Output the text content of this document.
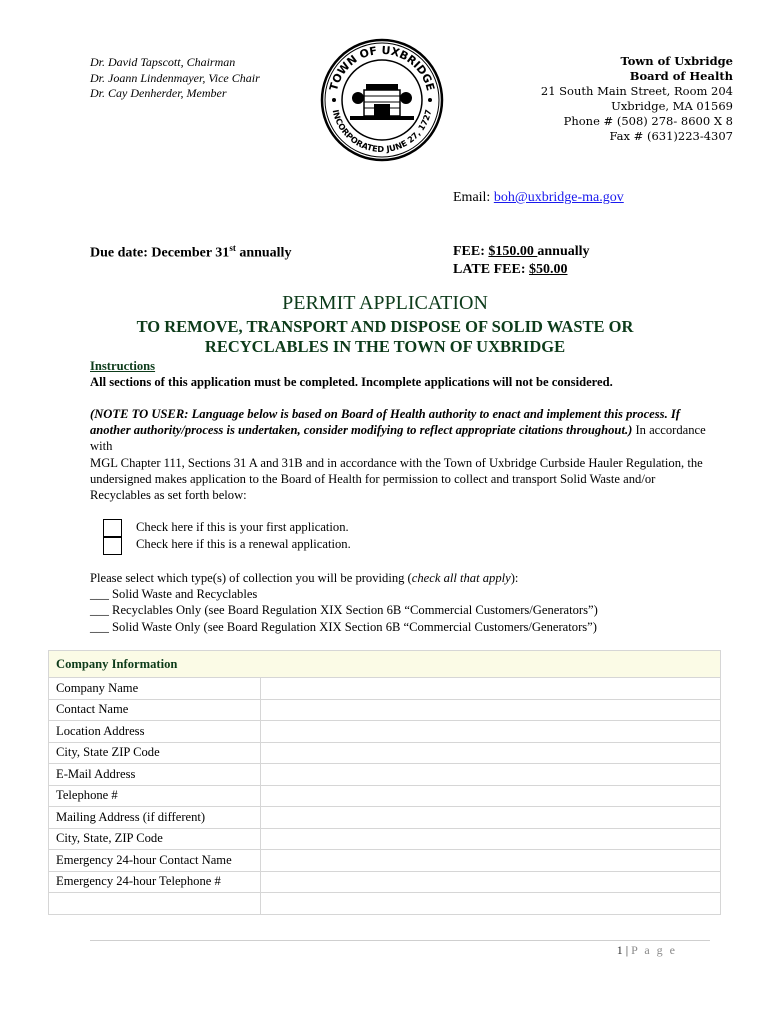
Dr. David Tapscott, Chairman
Dr. Joann Lindenmayer, Vice Chair
Dr. Cay Denherder, Member	TOWN OF UXBRIDGE
INCORPORATED JUNE 27, 1727
Town of Uxbridge
Board of Health
21 South Main Street, Room 204
Uxbridge, MA 01569
Phone # (508) 278- 8600 X 8
Fax # (631)223-4307
Email: boh@uxbridge-ma.gov
Due date: December 31st annually	FEE: $150.00 annually
LATE FEE: $50.00
PERMIT APPLICATION
TO REMOVE, TRANSPORT AND DISPOSE OF SOLID WASTE OR
RECYCLABLES IN THE TOWN OF UXBRIDGE
Instructions
All sections of this application must be completed. Incomplete applications will not be considered.
(NOTE TO USER: Language below is based on Board of Health authority to enact and implement this process. If another authority/process is undertaken, consider modifying to reflect appropriate citations throughout.) In accordance with
MGL Chapter 111, Sections 31 A and 31B and in accordance with the Town of Uxbridge Curbside Hauler Regulation, the undersigned makes application to the Board of Health for permission to collect and transport Solid Waste and/or Recyclables as set forth below:
Check here if this is your first application.
Check here if this is a renewal application.
Please select which type(s) of collection you will be providing (check all that apply):
___ Solid Waste and Recyclables
___ Recyclables Only (see Board Regulation XIX Section 6B “Commercial Customers/Generators”)
___ Solid Waste Only (see Board Regulation XIX Section 6B “Commercial Customers/Generators”)
Company Information	
Company Name	
Contact Name	
Location Address	
City, State ZIP Code	
E-Mail Address	
Telephone #	
Mailing Address (if different)	
City, State, ZIP Code	
Emergency 24-hour Contact Name	
Emergency 24-hour Telephone #	

1 | P a g e
